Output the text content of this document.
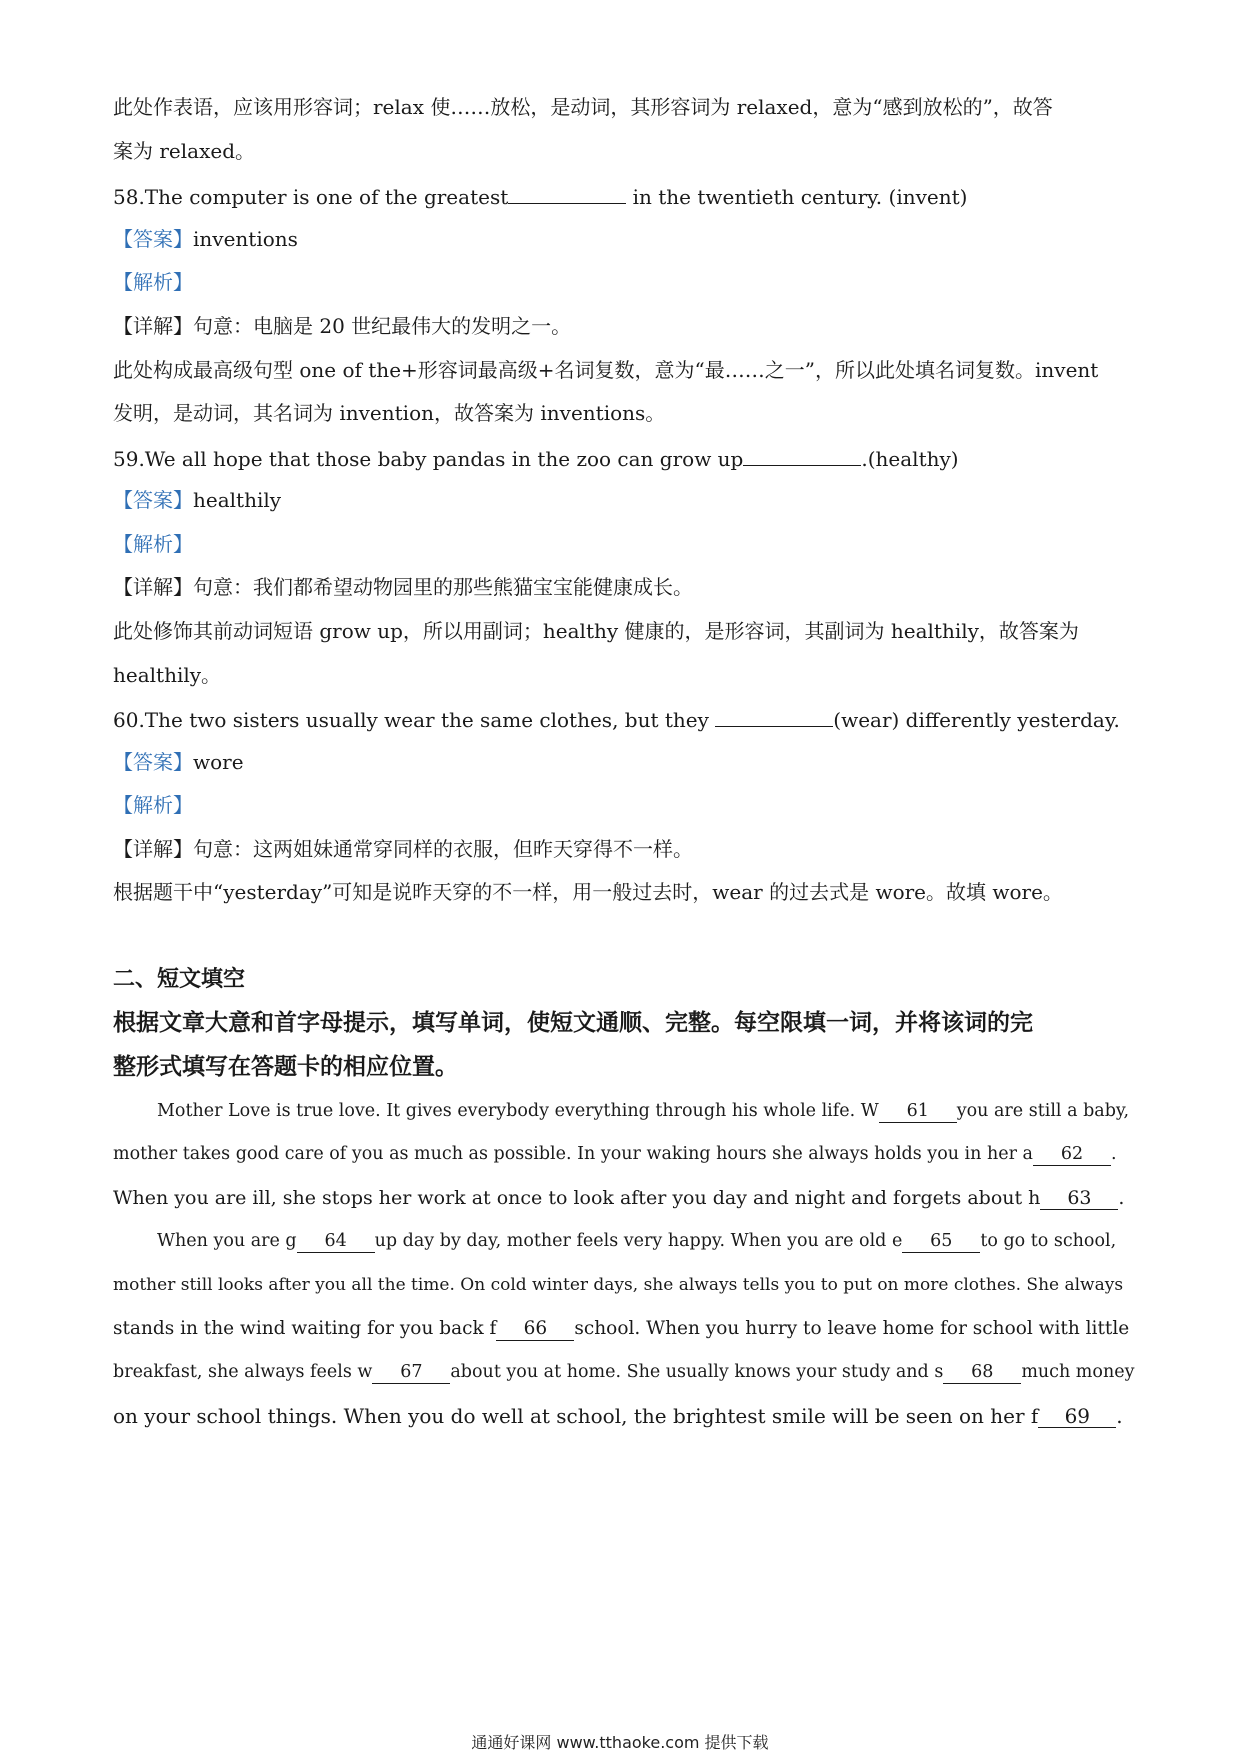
此处作表语，应该用形容词；relax 使……放松，是动词，其形容词为 relaxed，意为“感到放松的”，故答
案为 relaxed。
58.The computer is one of the greatest	in the twentieth century. (invent)
【答案】inventions
【解析】
【详解】句意：电脑是 20 世纪最伟大的发明之一。
此处构成最高级句型 one of the+形容词最高级+名词复数，意为“最……之一”，所以此处填名词复数。invent
发明，是动词，其名词为 invention，故答案为 inventions。
59.We all hope that those baby pandas in the zoo can grow up	.(healthy)
【答案】healthily
【解析】
【详解】句意：我们都希望动物园里的那些熊猫宝宝能健康成长。
此处修饰其前动词短语 grow up，所以用副词；healthy 健康的，是形容词，其副词为 healthily，故答案为
healthily。
60.The two sisters usually wear the same clothes, but they	(wear) differently yesterday.
【答案】wore
【解析】
【详解】句意：这两姐妹通常穿同样的衣服，但昨天穿得不一样。
根据题干中“yesterday”可知是说昨天穿的不一样，用一般过去时，wear 的过去式是 wore。故填 wore。
二、短文填空
根据文章大意和首字母提示，填写单词，使短文通顺、完整。每空限填一词，并将该词的完
整形式填写在答题卡的相应位置。
Mother Love is true love. It gives everybody everything through his whole life. W 61 you are still a baby,
mother takes good care of you as much as possible. In your waking hours she always holds you in her a 62 .
When you are ill, she stops her work at once to look after you day and night and forgets about h 63 .
When you are g 64 up day by day, mother feels very happy. When you are old e 65 to go to school,
mother still looks after you all the time. On cold winter days, she always tells you to put on more clothes. She always
stands in the wind waiting for you back f 66 school. When you hurry to leave home for school with little
breakfast, she always feels w 67 about you at home. She usually knows your study and s 68 much money
on your school things. When you do well at school, the brightest smile will be seen on her f 69 .
通通好课网 www.tthaoke.com 提供下载
